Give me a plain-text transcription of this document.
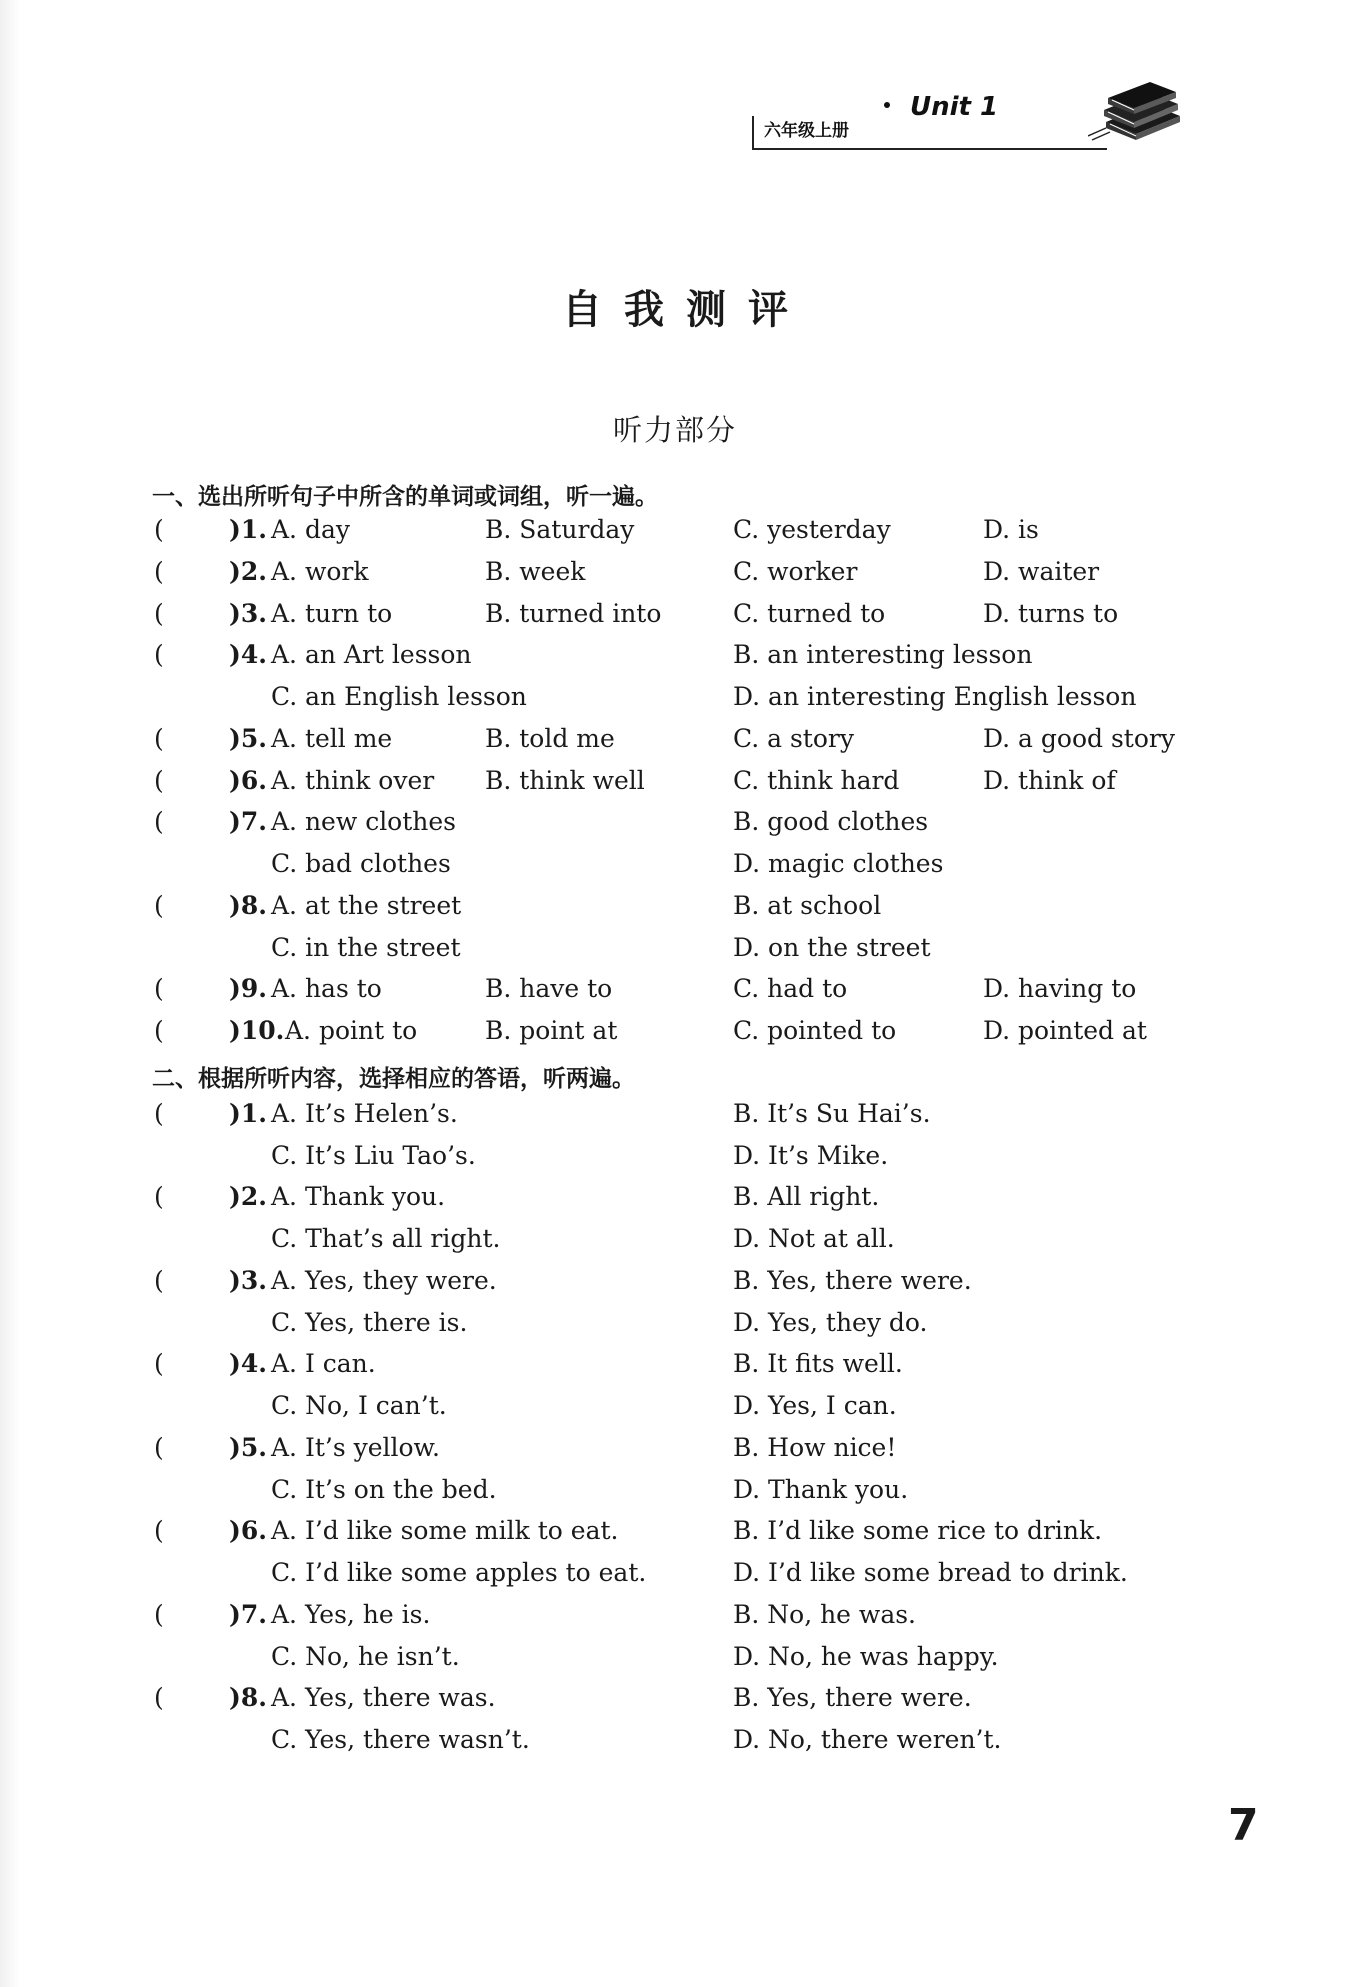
六年级上册
Unit 1
自我测评
听力部分
一、选出所听句子中所含的单词或词组，听一遍。
(	)1. A. day	B. Saturday	C. yesterday	D. is
(	)2. A. work	B. week	C. worker	D. waiter
(	)3. A. turn to	B. turned into	C. turned to	D. turns to
(	)4. A. an Art lesson	B. an interesting lesson
C. an English lesson	D. an interesting English lesson
(	)5. A. tell me	B. told me	C. a story	D. a good story
(	)6. A. think over B. think well	C. think hard	D. think of
(	)7. A. new clothes	B. good clothes
C. bad clothes	D. magic clothes
(	)8. A. at the street	B. at school
C. in the street	D. on the street
(	)9. A. has to	B. have to	C. had to	D. having to
(	)10. A. point to	B. point at	C. pointed to	D. pointed at
二、根据所听内容，选择相应的答语，听两遍。
(	)1. A. It’s Helen’s.	B. It’s Su Hai’s.
C. It’s Liu Tao’s.	D. It’s Mike.
(	)2. A. Thank you.	B. All right.
C. That’s all right.	D. Not at all.
(	)3. A. Yes, they were.	B. Yes, there were.
C. Yes, there is.	D. Yes, they do.
(	)4. A. I can.	B. It fits well.
C. No, I can’t.	D. Yes, I can.
(	)5. A. It’s yellow.	B. How nice!
C. It’s on the bed.	D. Thank you.
(	)6. A. I’d like some milk to eat.	B. I’d like some rice to drink.
C. I’d like some apples to eat.	D. I’d like some bread to drink.
(	)7. A. Yes, he is.	B. No, he was.
C. No, he isn’t.	D. No, he was happy.
(	)8. A. Yes, there was.	B. Yes, there were.
C. Yes, there wasn’t.	D. No, there weren’t.
7
